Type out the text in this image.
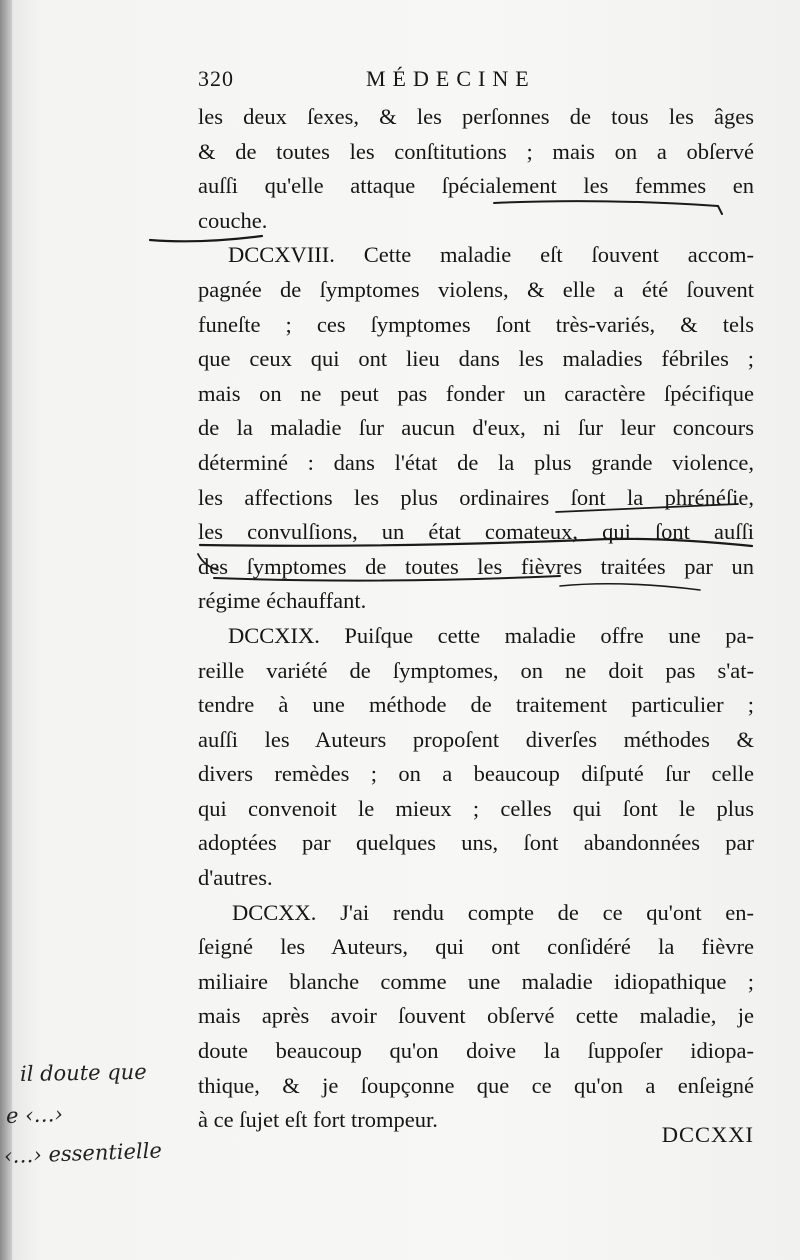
320	MÉDECINE
les deux ſexes, & les perſonnes de tous les âges
& de toutes les conſtitutions ; mais on a obſervé
auſſi qu'elle attaque ſpécialement les femmes en
couche.
DCCXVIII. Cette maladie eſt ſouvent accom-
pagnée de ſymptomes violens, & elle a été ſouvent
funeſte ; ces ſymptomes ſont très-variés, & tels
que ceux qui ont lieu dans les maladies fébriles ;
mais on ne peut pas fonder un caractère ſpécifique
de la maladie ſur aucun d'eux, ni ſur leur concours
déterminé : dans l'état de la plus grande violence,
les affections les plus ordinaires ſont la phrénéſie,
les convulſions, un état comateux, qui ſont auſſi
des ſymptomes de toutes les fièvres traitées par un
régime échauffant.
DCCXIX. Puiſque cette maladie offre une pa-
reille variété de ſymptomes, on ne doit pas s'at-
tendre à une méthode de traitement particulier ;
auſſi les Auteurs propoſent diverſes méthodes &
divers remèdes ; on a beaucoup diſputé ſur celle
qui convenoit le mieux ; celles qui ſont le plus
adoptées par quelques uns, ſont abandonnées par
d'autres.
DCCXX. J'ai rendu compte de ce qu'ont en-
ſeigné les Auteurs, qui ont conſidéré la fièvre
miliaire blanche comme une maladie idiopathique ;
mais après avoir ſouvent obſervé cette maladie, je
doute beaucoup qu'on doive la ſuppoſer idiopa-
thique, & je ſoupçonne que ce qu'on a enſeigné
à ce ſujet eſt fort trompeur.
DCCXXI
il doute que
e ‹…›
‹…› essentielle
